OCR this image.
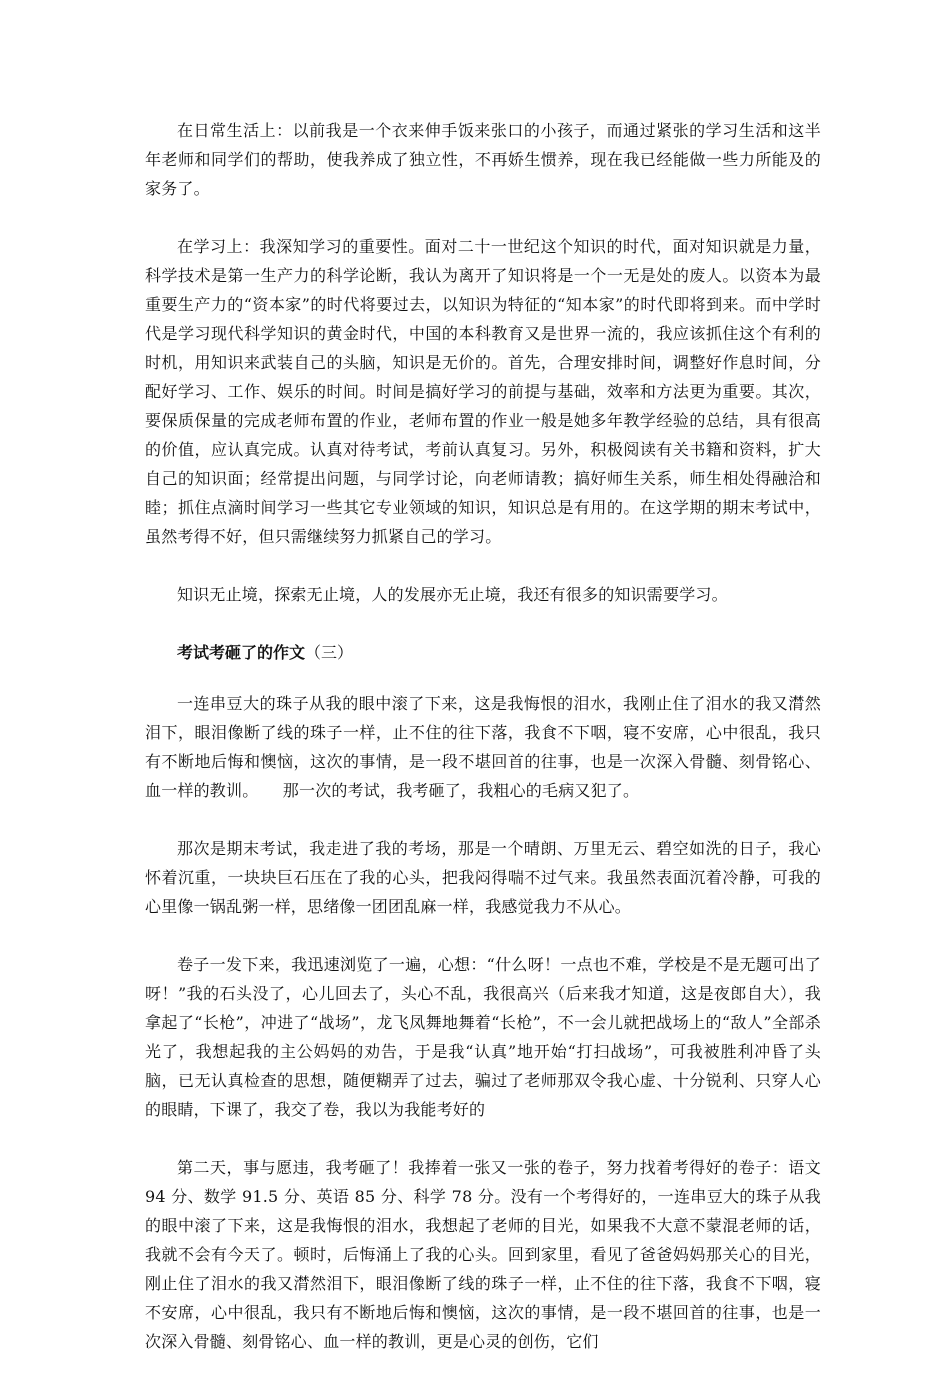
在日常生活上：以前我是一个衣来伸手饭来张口的小孩子，而通过紧张的学习生活和这半年老师和同学们的帮助，使我养成了独立性，不再娇生惯养，现在我已经能做一些力所能及的家务了。

在学习上：我深知学习的重要性。面对二十一世纪这个知识的时代，面对知识就是力量，科学技术是第一生产力的科学论断，我认为离开了知识将是一个一无是处的废人。以资本为最重要生产力的“资本家”的时代将要过去，以知识为特征的“知本家”的时代即将到来。而中学时代是学习现代科学知识的黄金时代，中国的本科教育又是世界一流的，我应该抓住这个有利的时机，用知识来武装自己的头脑，知识是无价的。首先，合理安排时间，调整好作息时间，分配好学习、工作、娱乐的时间。时间是搞好学习的前提与基础，效率和方法更为重要。其次，要保质保量的完成老师布置的作业，老师布置的作业一般是她多年教学经验的总结，具有很高的价值，应认真完成。认真对待考试，考前认真复习。另外，积极阅读有关书籍和资料，扩大自己的知识面；经常提出问题，与同学讨论，向老师请教；搞好师生关系，师生相处得融洽和睦；抓住点滴时间学习一些其它专业领域的知识，知识总是有用的。在这学期的期末考试中，虽然考得不好，但只需继续努力抓紧自己的学习。

知识无止境，探索无止境，人的发展亦无止境，我还有很多的知识需要学习。

考试考砸了的作文（三）

一连串豆大的珠子从我的眼中滚了下来，这是我悔恨的泪水，我刚止住了泪水的我又潸然泪下，眼泪像断了线的珠子一样，止不住的往下落，我食不下咽，寝不安席，心中很乱，我只有不断地后悔和懊恼，这次的事情，是一段不堪回首的往事，也是一次深入骨髓、刻骨铭心、血一样的教训。　　那一次的考试，我考砸了，我粗心的毛病又犯了。

那次是期末考试，我走进了我的考场，那是一个晴朗、万里无云、碧空如洗的日子，我心怀着沉重，一块块巨石压在了我的心头，把我闷得喘不过气来。我虽然表面沉着冷静，可我的心里像一锅乱粥一样，思绪像一团团乱麻一样，我感觉我力不从心。

卷子一发下来，我迅速浏览了一遍，心想：“什么呀！一点也不难，学校是不是无题可出了呀！”我的石头没了，心儿回去了，头心不乱，我很高兴（后来我才知道，这是夜郎自大），我拿起了“长枪”，冲进了“战场”，龙飞凤舞地舞着“长枪”，不一会儿就把战场上的“敌人”全部杀光了，我想起我的主公妈妈的劝告，于是我“认真”地开始“打扫战场”，可我被胜利冲昏了头脑，已无认真检查的思想，随便糊弄了过去，骗过了老师那双令我心虚、十分锐利、只穿人心的眼睛，下课了，我交了卷，我以为我能考好的

第二天，事与愿违，我考砸了！我捧着一张又一张的卷子，努力找着考得好的卷子：语文 94 分、数学 91.5 分、英语 85 分、科学 78 分。没有一个考得好的，一连串豆大的珠子从我的眼中滚了下来，这是我悔恨的泪水，我想起了老师的目光，如果我不大意不蒙混老师的话，我就不会有今天了。顿时，后悔涌上了我的心头。回到家里，看见了爸爸妈妈那关心的目光，刚止住了泪水的我又潸然泪下，眼泪像断了线的珠子一样，止不住的往下落，我食不下咽，寝不安席，心中很乱，我只有不断地后悔和懊恼，这次的事情，是一段不堪回首的往事，也是一次深入骨髓、刻骨铭心、血一样的教训，更是心灵的创伤，它们
